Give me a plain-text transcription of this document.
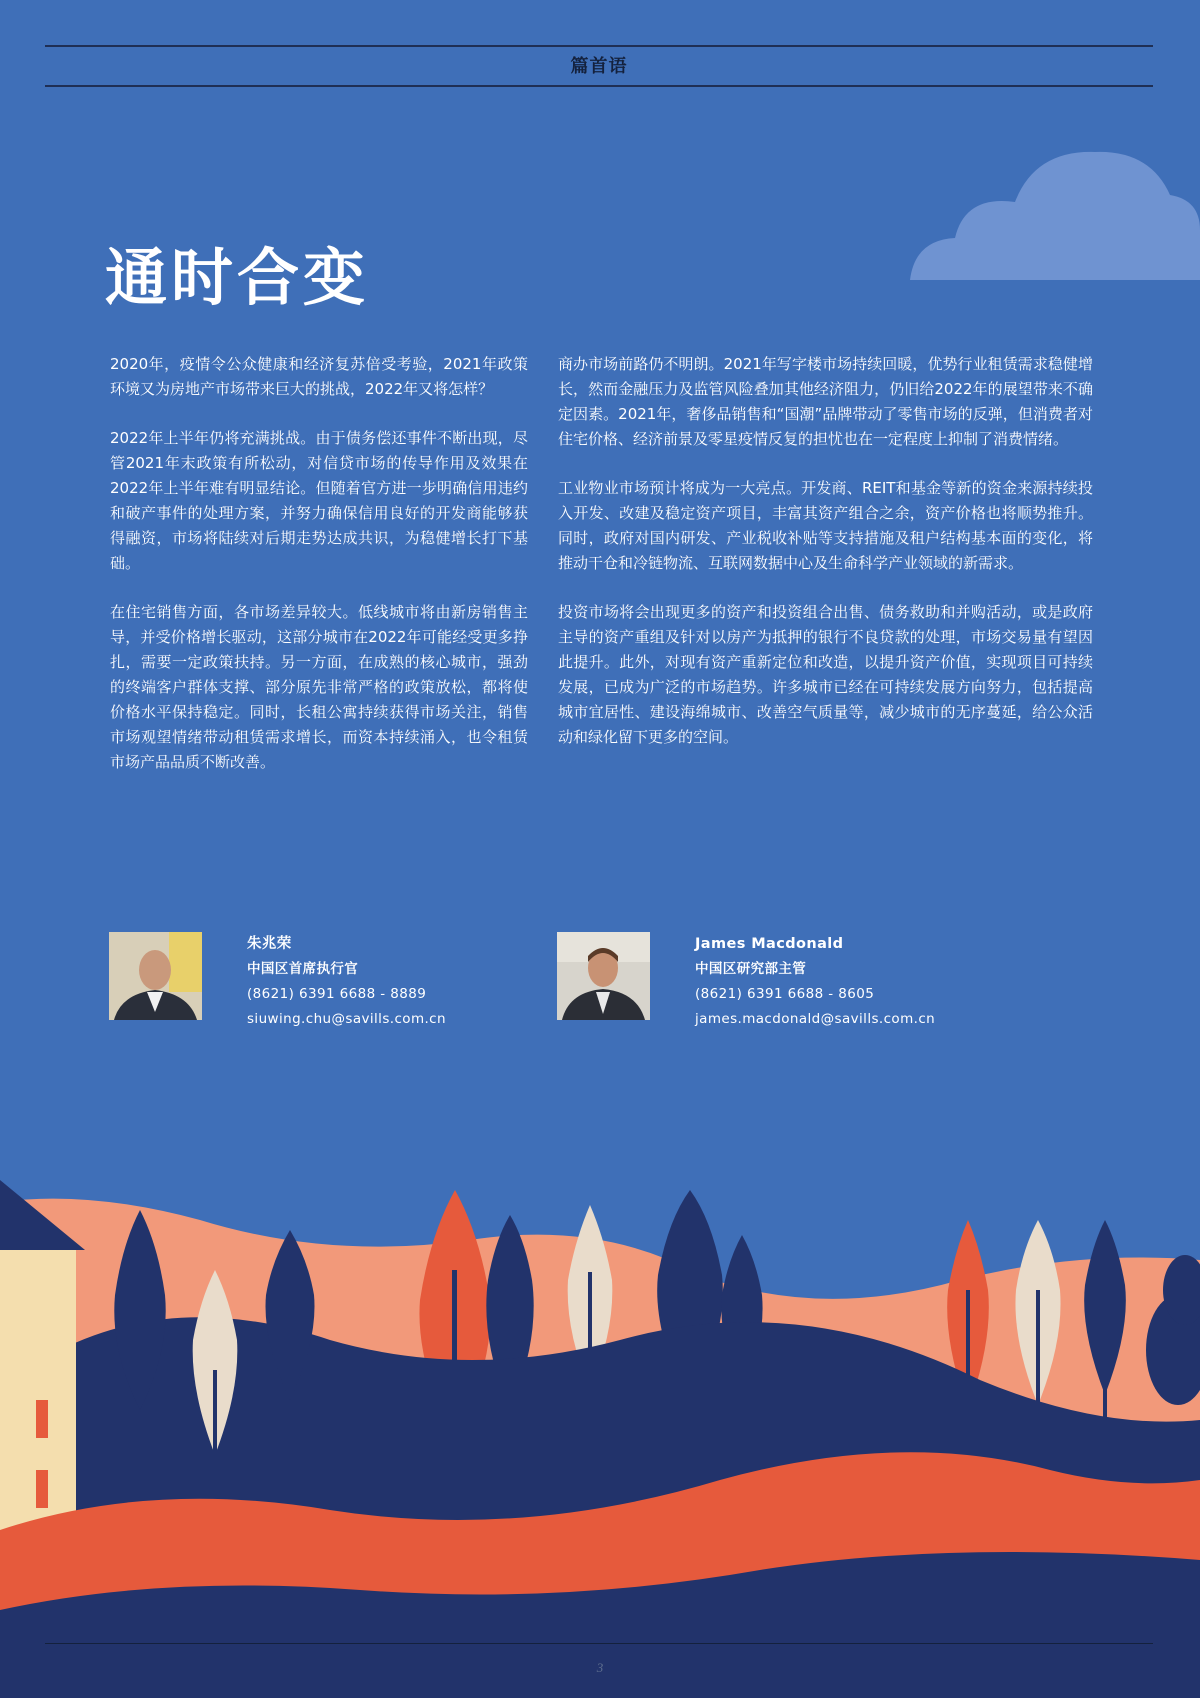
篇首语
通时合变

2020年，疫情令公众健康和经济复苏倍受考验，2021年政策环境又为房地产市场带来巨大的挑战，2022年又将怎样？

2022年上半年仍将充满挑战。由于债务偿还事件不断出现，尽管2021年末政策有所松动，对信贷市场的传导作用及效果在2022年上半年难有明显结论。但随着官方进一步明确信用违约和破产事件的处理方案，并努力确保信用良好的开发商能够获得融资，市场将陆续对后期走势达成共识，为稳健增长打下基础。

在住宅销售方面，各市场差异较大。低线城市将由新房销售主导，并受价格增长驱动，这部分城市在2022年可能经受更多挣扎，需要一定政策扶持。另一方面，在成熟的核心城市，强劲的终端客户群体支撑、部分原先非常严格的政策放松，都将使价格水平保持稳定。同时，长租公寓持续获得市场关注，销售市场观望情绪带动租赁需求增长，而资本持续涌入，也令租赁市场产品品质不断改善。

商办市场前路仍不明朗。2021年写字楼市场持续回暖，优势行业租赁需求稳健增长，然而金融压力及监管风险叠加其他经济阻力，仍旧给2022年的展望带来不确定因素。2021年，奢侈品销售和“国潮”品牌带动了零售市场的反弹，但消费者对住宅价格、经济前景及零星疫情反复的担忧也在一定程度上抑制了消费情绪。

工业物业市场预计将成为一大亮点。开发商、REIT和基金等新的资金来源持续投入开发、改建及稳定资产项目，丰富其资产组合之余，资产价格也将顺势推升。同时，政府对国内研发、产业税收补贴等支持措施及租户结构基本面的变化，将推动干仓和冷链物流、互联网数据中心及生命科学产业领域的新需求。

投资市场将会出现更多的资产和投资组合出售、债务救助和并购活动，或是政府主导的资产重组及针对以房产为抵押的银行不良贷款的处理，市场交易量有望因此提升。此外，对现有资产重新定位和改造，以提升资产价值，实现项目可持续发展，已成为广泛的市场趋势。许多城市已经在可持续发展方向努力，包括提高城市宜居性、建设海绵城市、改善空气质量等，减少城市的无序蔓延，给公众活动和绿化留下更多的空间。

朱兆荣
中国区首席执行官
(8621) 6391 6688 - 8889
siuwing.chu@savills.com.cn
James Macdonald
中国区研究部主管
(8621) 6391 6688 - 8605
james.macdonald@savills.com.cn
3
